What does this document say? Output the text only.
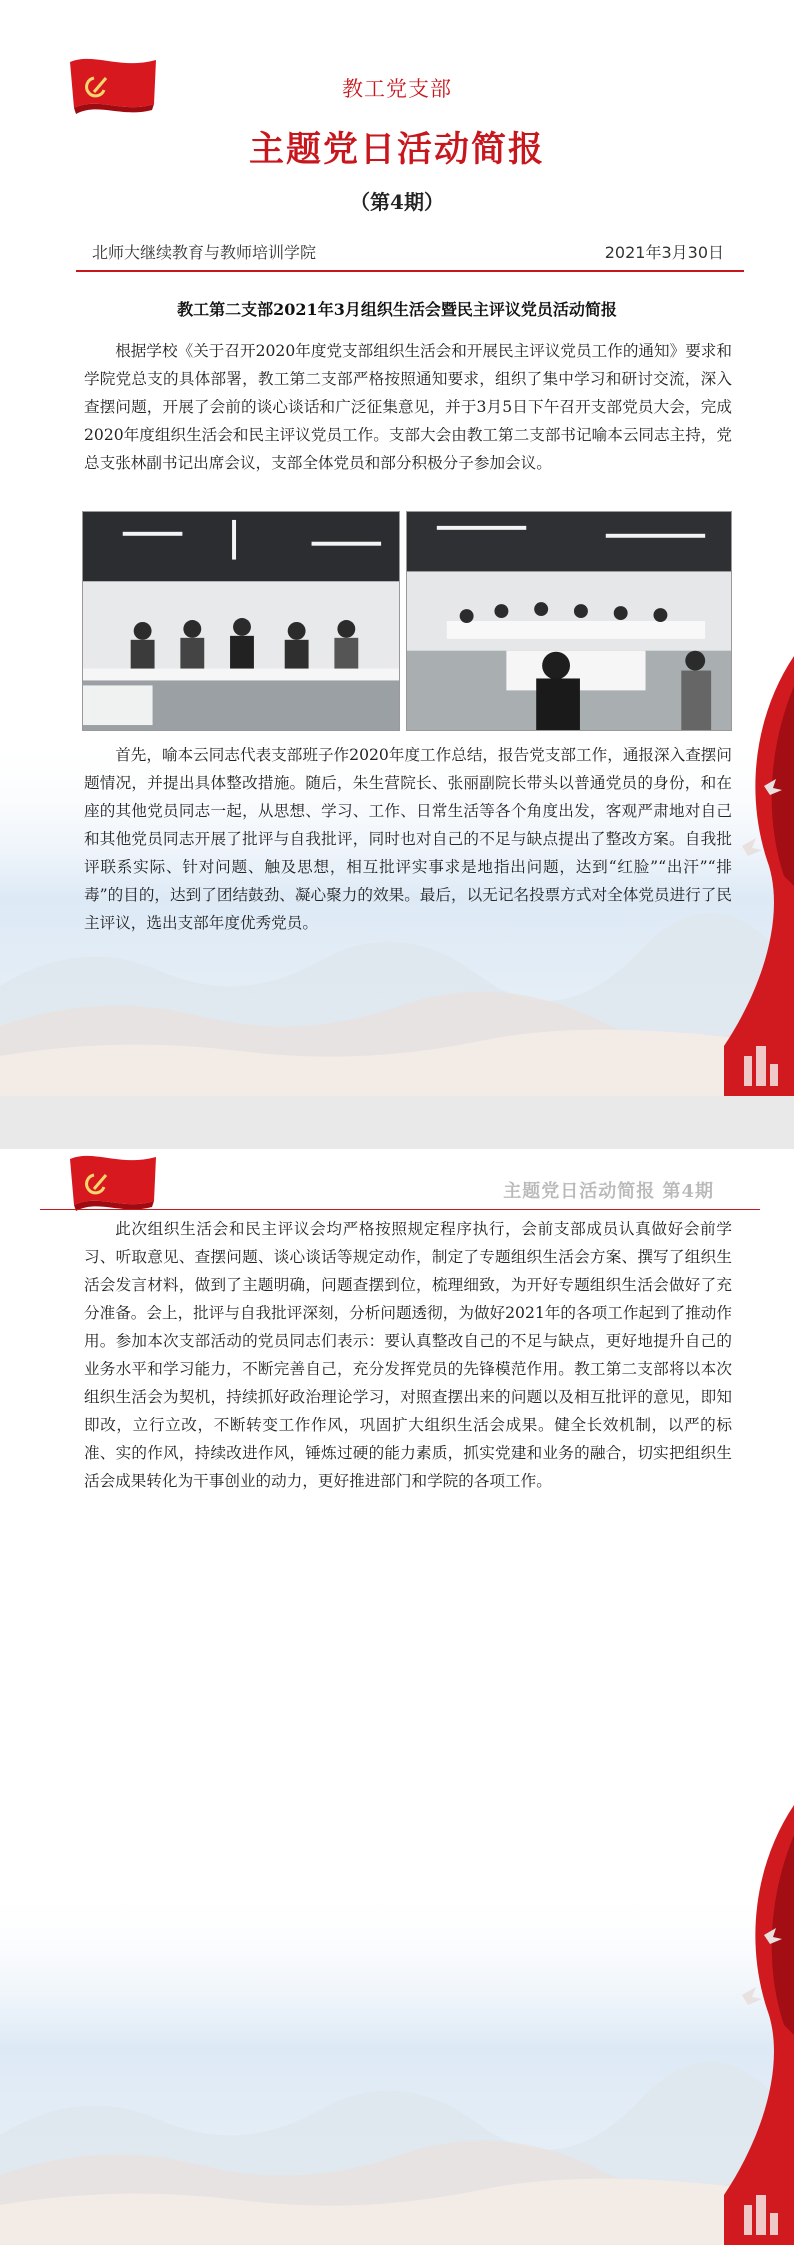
教工党支部
主题党日活动简报
（第4期）
北师大继续教育与教师培训学院	2021年3月30日
教工第二支部2021年3月组织生活会暨民主评议党员活动简报

根据学校《关于召开2020年度党支部组织生活会和开展民主评议党员工作的通知》要求和学院党总支的具体部署，教工第二支部严格按照通知要求，组织了集中学习和研讨交流，深入查摆问题，开展了会前的谈心谈话和广泛征集意见，并于3月5日下午召开支部党员大会，完成 2020年度组织生活会和民主评议党员工作。支部大会由教工第二支部书记喻本云同志主持，党总支张林副书记出席会议，支部全体党员和部分积极分子参加会议。

首先，喻本云同志代表支部班子作2020年度工作总结，报告党支部工作，通报深入查摆问题情况，并提出具体整改措施。随后，朱生营院长、张丽副院长带头以普通党员的身份，和在座的其他党员同志一起，从思想、学习、工作、日常生活等各个角度出发，客观严肃地对自己和其他党员同志开展了批评与自我批评，同时也对自己的不足与缺点提出了整改方案。自我批评联系实际、针对问题、触及思想，相互批评实事求是地指出问题，达到“红脸”“出汗”“排毒”的目的，达到了团结鼓劲、凝心聚力的效果。最后，以无记名投票方式对全体党员进行了民主评议，选出支部年度优秀党员。

主题党日活动简报 第4期

此次组织生活会和民主评议会均严格按照规定程序执行，会前支部成员认真做好会前学习、听取意见、查摆问题、谈心谈话等规定动作，制定了专题组织生活会方案、撰写了组织生活会发言材料，做到了主题明确，问题查摆到位，梳理细致，为开好专题组织生活会做好了充分准备。会上，批评与自我批评深刻，分析问题透彻，为做好2021年的各项工作起到了推动作用。参加本次支部活动的党员同志们表示：要认真整改自己的不足与缺点，更好地提升自己的业务水平和学习能力，不断完善自己，充分发挥党员的先锋模范作用。教工第二支部将以本次组织生活会为契机，持续抓好政治理论学习，对照查摆出来的问题以及相互批评的意见，即知即改，立行立改，不断转变工作作风，巩固扩大组织生活会成果。健全长效机制，以严的标准、实的作风，持续改进作风，锤炼过硬的能力素质，抓实党建和业务的融合，切实把组织生活会成果转化为干事创业的动力，更好推进部门和学院的各项工作。
